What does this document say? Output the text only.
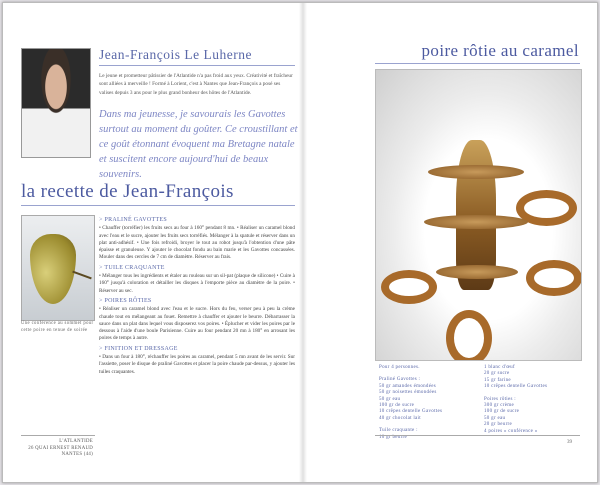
Jean-François Le Luherne
Le jeune et prometteur pâtissier de l'Atlantide n'a pas froid aux yeux. Créativité et fraîcheur sont alliées à merveille ! Formé à Lorient, c'est à Nantes que Jean-François a posé ses valises depuis 3 ans pour le plus grand bonheur des hôtes de l'Atlantide.
Dans ma jeunesse, je savourais les Gavottes surtout au moment du goûter. Ce croustillant et ce goût étonnant évoquent ma Bretagne natale et suscitent encore aujourd'hui de beaux souvenirs.
la recette de Jean-François
Une conférence au sommet pour cette poire en tenue de soirée
> PRALINÉ GAVOTTES

• Chauffer (torréfier) les fruits secs au four à 160° pendant 8 mn. • Réaliser un caramel blond avec l'eau et le sucre, ajouter les fruits secs torréfiés. Mélanger à la spatule et réserver dans un plat anti-adhésif. • Une fois refroidi, broyer le tout au robot jusqu'à l'obtention d'une pâte épaisse et granuleuse. Y ajouter le chocolat fondu au bain marie et les Gavottes concassées. Mouler dans des cercles de 7 cm de diamètre. Réserver au frais.

> TUILE CRAQUANTE

• Mélanger tous les ingrédients et étaler au rouleau sur un sil-pat (plaque de silicone) • Cuire à 160° jusqu'à coloration et détailler les disques à l'emporte pièce au diamètre de la poire. • Réserver au sec.

> POIRES RÔTIES

• Réaliser un caramel blond avec l'eau et le sucre. Hors du feu, verser peu à peu la crème chaude tout en mélangeant au fouet. Remettre à chauffer et ajouter le beurre. Débarrasser la sauce dans un plat dans lequel vous disposerez vos poires. • Éplucher et vider les poires par le dessous à l'aide d'une boule Parisienne. Cuire au four pendant 20 mn à 180° en arrosant les poires de temps à autre.

> FINITION ET DRESSAGE

• Dans un four à 180°, réchauffer les poires au caramel, pendant 5 mn avant de les servir. Sur l'assiette, poser le disque de praliné Gavottes et placer la poire chaude par-dessus, y ajouter les tuiles craquantes.

L'ATLANTIDE
26 QUAI ERNEST RENAUD
NANTES (44)
poire rôtie au caramel
Pour 4 personnes.
Praliné Gavottes :
50 gr amandes émondées
50 gr noisettes émondées
50 gr eau
100 gr de sucre
10 crêpes dentelle Gavottes
40 gr chocolat lait
Tuile craquante :
10 gr beurre
1 blanc d'œuf
20 gr sucre
15 gr farine
10 crêpes dentelle Gavottes
Poires rôties :
300 gr crème
100 gr de sucre
50 gr eau
20 gr beurre
4 poires « conférence »
39
